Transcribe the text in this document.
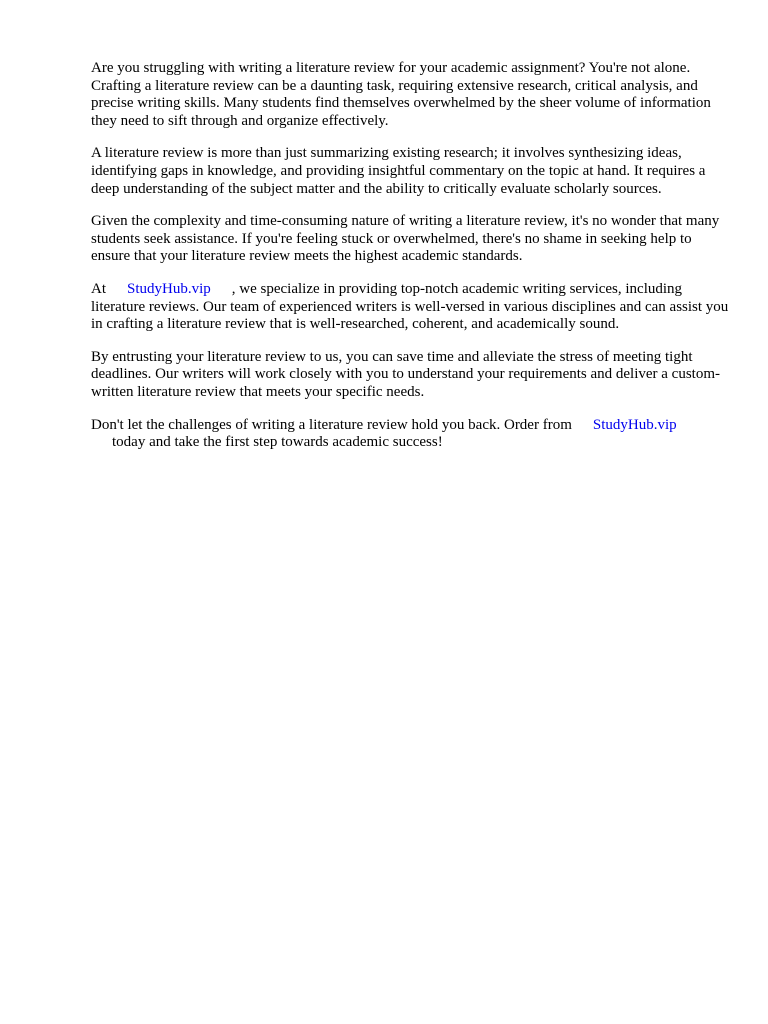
Are you struggling with writing a literature review for your academic assignment? You're not alone. Crafting a literature review can be a daunting task, requiring extensive research, critical analysis, and precise writing skills. Many students find themselves overwhelmed by the sheer volume of information they need to sift through and organize effectively.

A literature review is more than just summarizing existing research; it involves synthesizing ideas, identifying gaps in knowledge, and providing insightful commentary on the topic at hand. It requires a deep understanding of the subject matter and the ability to critically evaluate scholarly sources.

Given the complexity and time-consuming nature of writing a literature review, it's no wonder that many students seek assistance. If you're feeling stuck or overwhelmed, there's no shame in seeking help to ensure that your literature review meets the highest academic standards.

At StudyHub.vip , we specialize in providing top-notch academic writing services, including literature reviews. Our team of experienced writers is well-versed in various disciplines and can assist you in crafting a literature review that is well-researched, coherent, and academically sound.

By entrusting your literature review to us, you can save time and alleviate the stress of meeting tight deadlines. Our writers will work closely with you to understand your requirements and deliver a custom-written literature review that meets your specific needs.

Don't let the challenges of writing a literature review hold you back. Order from StudyHub.vip
today and take the first step towards academic success!
